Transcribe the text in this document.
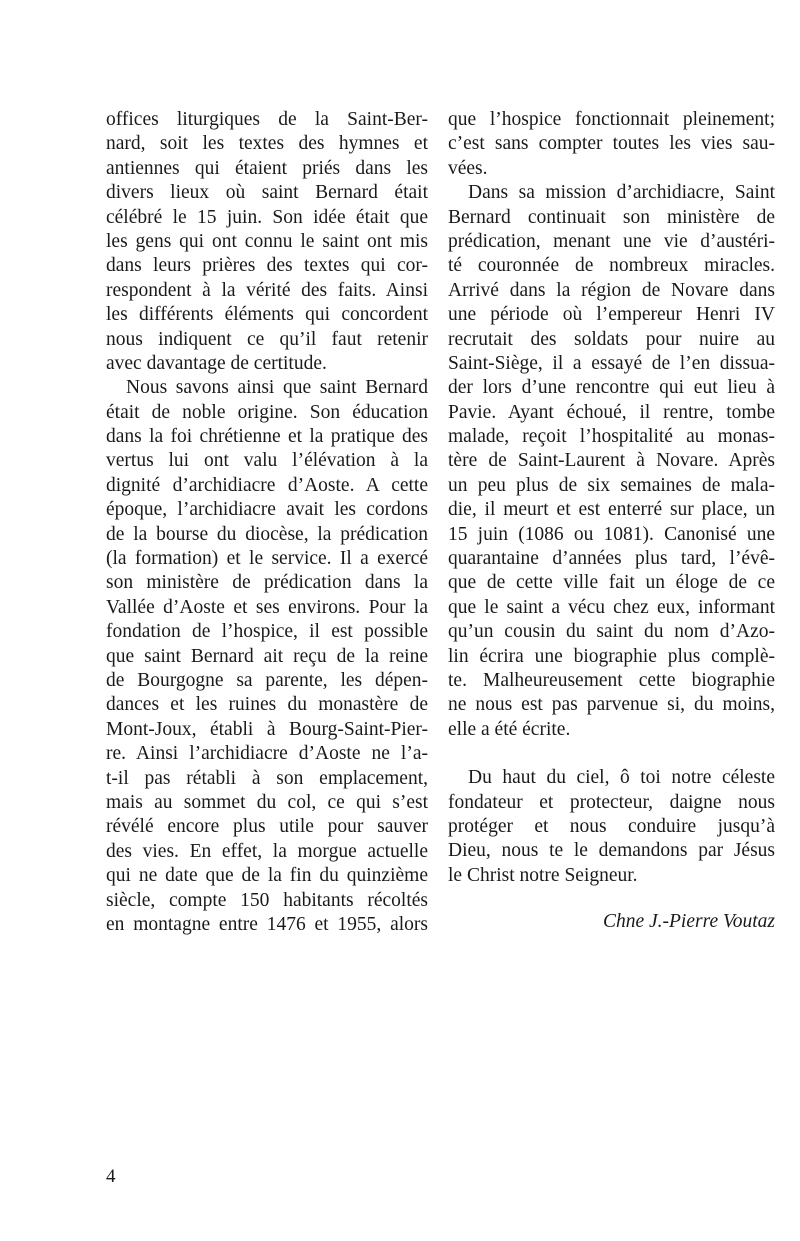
offices liturgiques de la Saint-Ber-
nard, soit les textes des hymnes et
antiennes qui étaient priés dans les
divers lieux où saint Bernard était
célébré le 15 juin. Son idée était que
les gens qui ont connu le saint ont mis
dans leurs prières des textes qui cor-
respondent à la vérité des faits. Ainsi
les différents éléments qui concordent
nous indiquent ce qu’il faut retenir
avec davantage de certitude.
Nous savons ainsi que saint Bernard
était de noble origine. Son éducation
dans la foi chrétienne et la pratique des
vertus lui ont valu l’élévation à la
dignité d’archidiacre d’Aoste. A cette
époque, l’archidiacre avait les cordons
de la bourse du diocèse, la prédication
(la formation) et le service. Il a exercé
son ministère de prédication dans la
Vallée d’Aoste et ses environs. Pour la
fondation de l’hospice, il est possible
que saint Bernard ait reçu de la reine
de Bourgogne sa parente, les dépen-
dances et les ruines du monastère de
Mont-Joux, établi à Bourg-Saint-Pier-
re. Ainsi l’archidiacre d’Aoste ne l’a-
t-il pas rétabli à son emplacement,
mais au sommet du col, ce qui s’est
révélé encore plus utile pour sauver
des vies. En effet, la morgue actuelle
qui ne date que de la fin du quinzième
siècle, compte 150 habitants récoltés
en montagne entre 1476 et 1955, alors
que l’hospice fonctionnait pleinement;
c’est sans compter toutes les vies sau-
vées.
Dans sa mission d’archidiacre, Saint
Bernard continuait son ministère de
prédication, menant une vie d’austéri-
té couronnée de nombreux miracles.
Arrivé dans la région de Novare dans
une période où l’empereur Henri IV
recrutait des soldats pour nuire au
Saint-Siège, il a essayé de l’en dissua-
der lors d’une rencontre qui eut lieu à
Pavie. Ayant échoué, il rentre, tombe
malade, reçoit l’hospitalité au monas-
tère de Saint-Laurent à Novare. Après
un peu plus de six semaines de mala-
die, il meurt et est enterré sur place, un
15 juin (1086 ou 1081). Canonisé une
quarantaine d’années plus tard, l’évê-
que de cette ville fait un éloge de ce
que le saint a vécu chez eux, informant
qu’un cousin du saint du nom d’Azo-
lin écrira une biographie plus complè-
te. Malheureusement cette biographie
ne nous est pas parvenue si, du moins,
elle a été écrite.
Du haut du ciel, ô toi notre céleste
fondateur et protecteur, daigne nous
protéger et nous conduire jusqu’à
Dieu, nous te le demandons par Jésus
le Christ notre Seigneur.
Chne J.-Pierre Voutaz
4
